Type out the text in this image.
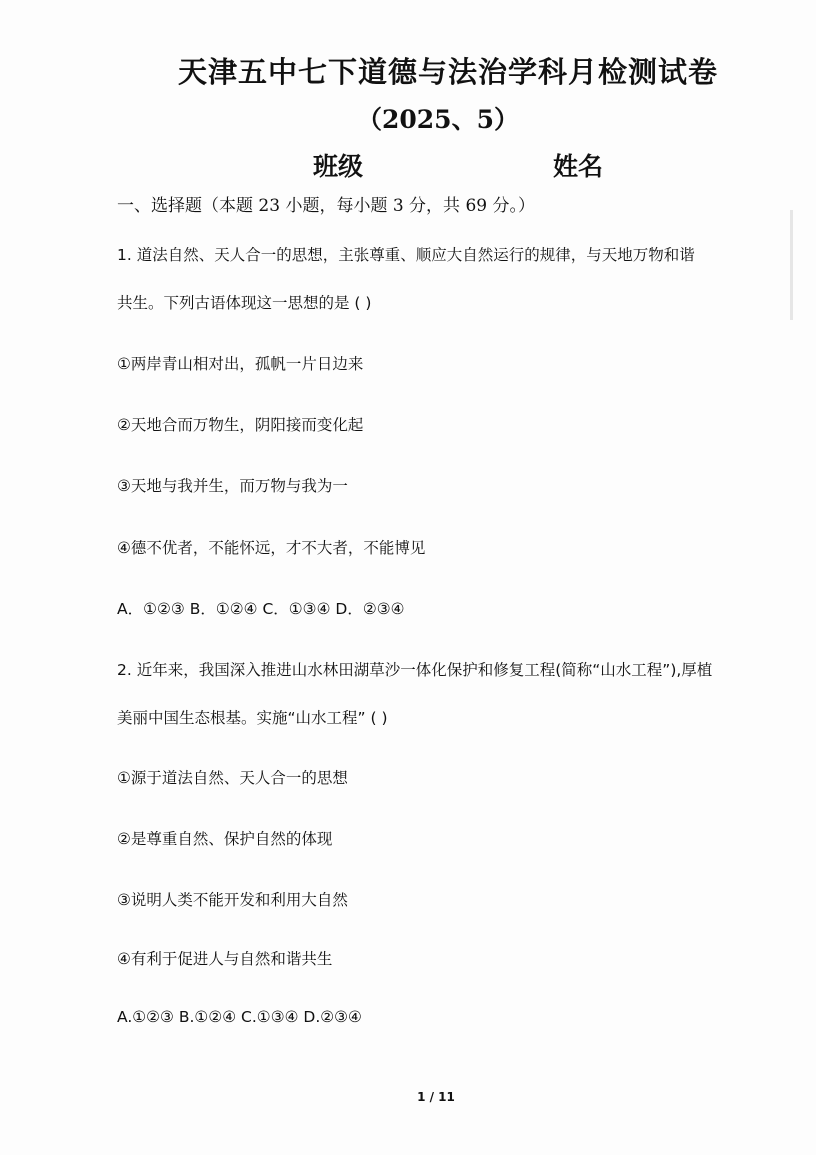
天津五中七下道德与法治学科月检测试卷
（2025、5）
班级	姓名
一、选择题（本题 23 小题，每小题 3 分，共 69 分。）
1. 道法自然、天人合一的思想，主张尊重、顺应大自然运行的规律，与天地万物和谐
共生。下列古语体现这一思想的是 ( )
①两岸青山相对出，孤帆一片日边来
②天地合而万物生，阴阳接而变化起
③天地与我并生，而万物与我为一
④德不优者，不能怀远，才不大者，不能博见
A．①②③ B．①②④ C．①③④ D．②③④
2. 近年来，我国深入推进山水林田湖草沙一体化保护和修复工程(简称“山水工程”),厚植
美丽中国生态根基。实施“山水工程” ( )
①源于道法自然、天人合一的思想
②是尊重自然、保护自然的体现
③说明人类不能开发和利用大自然
④有利于促进人与自然和谐共生
A.①②③ B.①②④ C.①③④ D.②③④
1 / 11
